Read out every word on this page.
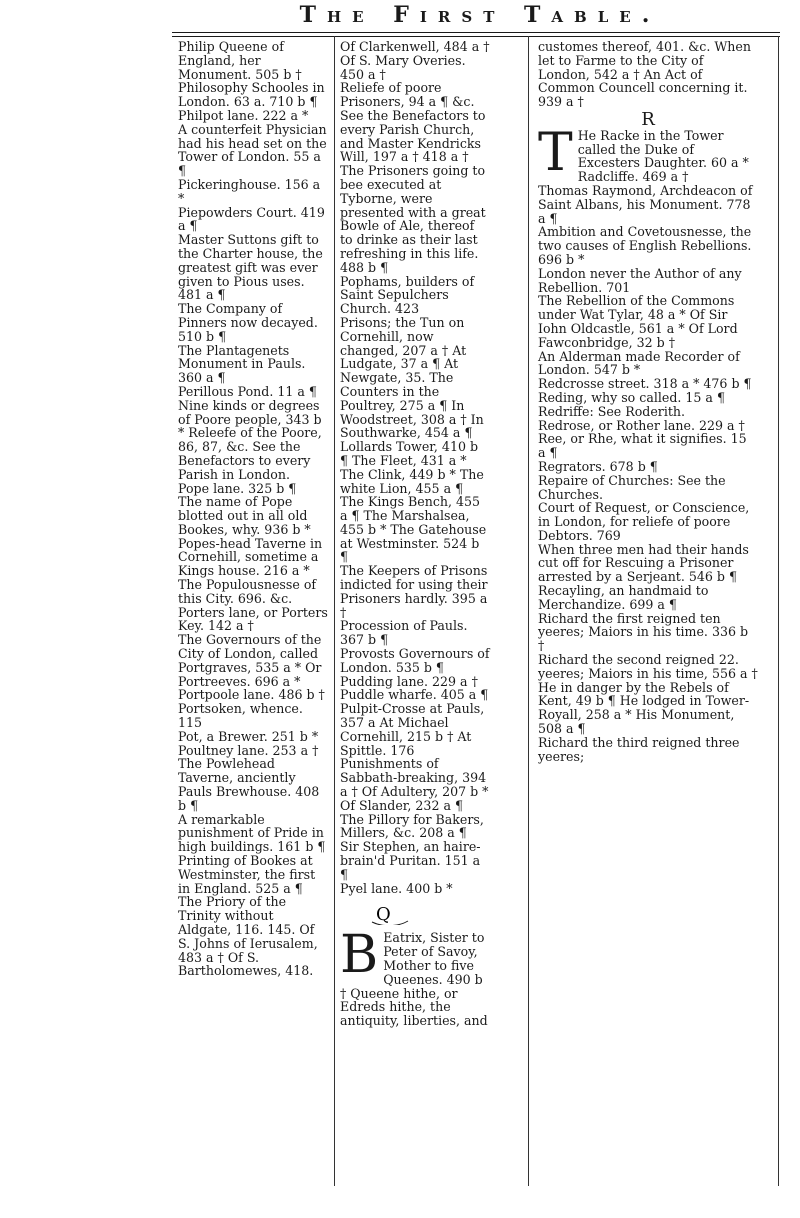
The First Table.
Philip Queene of England, her Monument. 505 b †
Philosophy Schooles in London. 63 a. 710 b ¶
Philpot lane. 222 a *
A counterfeit Physician had his head set on the Tower of London. 55 a ¶
Pickeringhouse. 156 a *
Piepowders Court. 419 a ¶
Master Suttons gift to the Charter house, the greatest gift was ever given to Pious uses. 481 a ¶
The Company of Pinners now decayed. 510 b ¶
The Plantagenets Monument in Pauls. 360 a ¶
Perillous Pond. 11 a ¶
Nine kinds or degrees of Poore people, 343 b * Releefe of the Poore, 86, 87, &c. See the Benefactors to every Parish in London.
Pope lane. 325 b ¶
The name of Pope blotted out in all old Bookes, why. 936 b *
Popes-head Taverne in Cornehill, sometime a Kings house. 216 a *
The Populousnesse of this City. 696. &c.
Porters lane, or Porters Key. 142 a †
The Governours of the City of London, called Portgraves, 535 a * Or Portreeves. 696 a *
Portpoole lane. 486 b †
Portsoken, whence. 115
Pot, a Brewer. 251 b *
Poultney lane. 253 a †
The Powlehead Taverne, anciently Pauls Brewhouse. 408 b ¶
A remarkable punishment of Pride in high buildings. 161 b ¶
Printing of Bookes at Westminster, the first in England. 525 a ¶
The Priory of the Trinity without Aldgate, 116. 145. Of S. Johns of Ierusalem, 483 a † Of S. Bartholomewes, 418.
Of Clarkenwell, 484 a † Of S. Mary Overies. 450 a †
Reliefe of poore Prisoners, 94 a ¶ &c. See the Benefactors to every Parish Church, and Master Kendricks Will, 197 a † 418 a † The Prisoners going to bee executed at Tyborne, were presented with a great Bowle of Ale, thereof to drinke as their last refreshing in this life. 488 b ¶
Pophams, builders of Saint Sepulchers Church. 423
Prisons; the Tun on Cornehill, now changed, 207 a † At Ludgate, 37 a ¶ At Newgate, 35. The Counters in the Poultrey, 275 a ¶ In Woodstreet, 308 a † In Southwarke, 454 a ¶ Lollards Tower, 410 b ¶ The Fleet, 431 a * The Clink, 449 b * The white Lion, 455 a ¶ The Kings Bench, 455 a ¶ The Marshalsea, 455 b * The Gatehouse at Westminster. 524 b ¶
The Keepers of Prisons indicted for using their Prisoners hardly. 395 a †
Procession of Pauls. 367 b ¶
Provosts Governours of London. 535 b ¶
Pudding lane. 229 a †
Puddle wharfe. 405 a ¶
Pulpit-Crosse at Pauls, 357 a At Michael Cornehill, 215 b † At Spittle. 176
Punishments of Sabbath-breaking, 394 a † Of Adultery, 207 b * Of Slander, 232 a ¶ The Pillory for Bakers, Millers, &c. 208 a ¶
Sir Stephen, an haire-brain'd Puritan. 151 a ¶
Pyel lane. 400 b *
Q
B Eatrix, Sister to Peter of Savoy, Mother to five Queenes. 490 b † Queene hithe, or Edreds hithe, the antiquity, liberties, and
customes thereof, 401. &c. When let to Farme to the City of London, 542 a † An Act of Common Councell concerning it. 939 a †
R
T He Racke in the Tower called the Duke of Excesters Daughter. 60 a * Radcliffe. 469 a †
Thomas Raymond, Archdeacon of Saint Albans, his Monument. 778 a ¶
Ambition and Covetousnesse, the two causes of English Rebellions. 696 b *
London never the Author of any Rebellion. 701
The Rebellion of the Commons under Wat Tylar, 48 a * Of Sir Iohn Oldcastle, 561 a * Of Lord Fawconbridge, 32 b †
An Alderman made Recorder of London. 547 b *
Redcrosse street. 318 a * 476 b ¶
Reding, why so called. 15 a ¶
Redriffe: See Roderith.
Redrose, or Rother lane. 229 a †
Ree, or Rhe, what it signifies. 15 a ¶
Regrators. 678 b ¶
Repaire of Churches: See the Churches.
Court of Request, or Conscience, in London, for reliefe of poore Debtors. 769
When three men had their hands cut off for Rescuing a Prisoner arrested by a Serjeant. 546 b ¶
Recayling, an handmaid to Merchandize. 699 a ¶
Richard the first reigned ten yeeres; Maiors in his time. 336 b †
Richard the second reigned 22. yeeres; Maiors in his time, 556 a † He in danger by the Rebels of Kent, 49 b ¶ He lodged in Tower-Royall, 258 a * His Monument, 508 a ¶
Richard the third reigned three yeeres;
